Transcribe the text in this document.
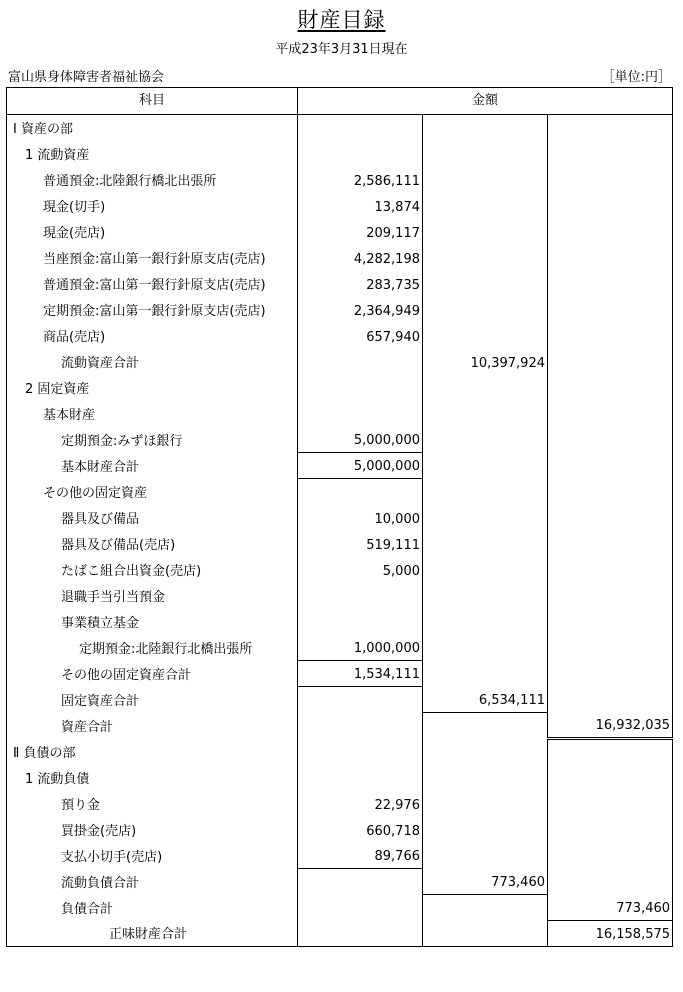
財産目録
平成23年3月31日現在
富山県身体障害者福祉協会	［単位:円］
科目	金額		
Ⅰ 資産の部			
1 流動資産			
普通預金:北陸銀行橋北出張所	2,586,111		
現金(切手)	13,874		
現金(売店)	209,117		
当座預金:富山第一銀行針原支店(売店)	4,282,198		
普通預金:富山第一銀行針原支店(売店)	283,735		
定期預金:富山第一銀行針原支店(売店)	2,364,949		
商品(売店)	657,940		
流動資産合計		10,397,924	
2 固定資産			
基本財産			
定期預金:みずほ銀行	5,000,000		
基本財産合計	5,000,000		
その他の固定資産			
器具及び備品	10,000		
器具及び備品(売店)	519,111		
たばこ組合出資金(売店)	5,000		
退職手当引当預金			
事業積立基金			
定期預金:北陸銀行北橋出張所	1,000,000		
その他の固定資産合計	1,534,111		
固定資産合計		6,534,111	
資産合計			16,932,035
Ⅱ 負債の部			
1 流動負債			
預り金	22,976		
買掛金(売店)	660,718		
支払小切手(売店)	89,766		
流動負債合計		773,460	
負債合計			773,460
正味財産合計			16,158,575
